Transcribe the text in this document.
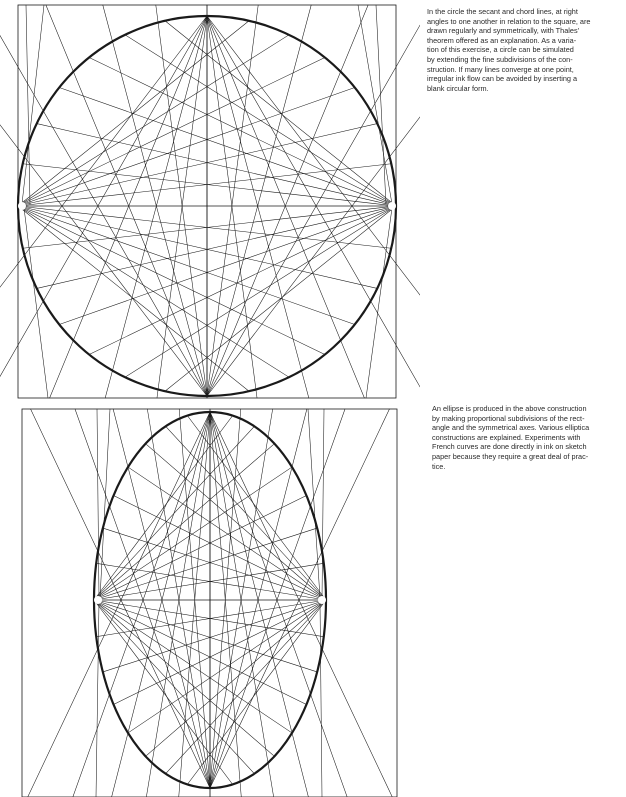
In the circle the secant and chord lines, at right
angles to one another in relation to the square, are
drawn regularly and symmetrically, with Thales'
theorem offered as an explanation. As a varia-
tion of this exercise, a circle can be simulated
by extending the fine subdivisions of the con-
struction. If many lines converge at one point,
irregular ink flow can be avoided by inserting a
blank circular form.

An ellipse is produced in the above construction
by making proportional subdivisions of the rect-
angle and the symmetrical axes. Various elliptica
constructions are explained. Experiments with
French curves are done directly in ink on sketch
paper because they require a great deal of prac-
tice.
